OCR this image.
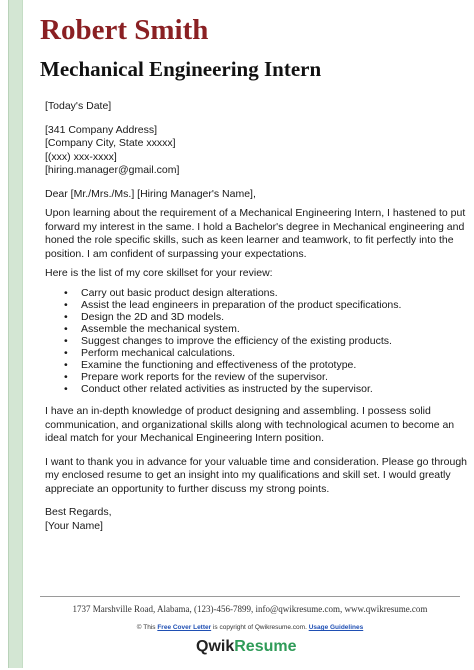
Robert Smith
Mechanical Engineering Intern
[Today's Date]
[341 Company Address]
[Company City, State xxxxx]
[(xxx) xxx-xxxx]
[hiring.manager@gmail.com]
Dear [Mr./Mrs./Ms.] [Hiring Manager's Name],
Upon learning about the requirement of a Mechanical Engineering Intern, I hastened to put
forward my interest in the same. I hold a Bachelor's degree in Mechanical engineering and
honed the role specific skills, such as keen learner and teamwork, to fit perfectly into the
position. I am confident of surpassing your expectations.
Here is the list of my core skillset for your review:
• Carry out basic product design alterations.
• Assist the lead engineers in preparation of the product specifications.
• Design the 2D and 3D models.
• Assemble the mechanical system.
• Suggest changes to improve the efficiency of the existing products.
• Perform mechanical calculations.
• Examine the functioning and effectiveness of the prototype.
• Prepare work reports for the review of the supervisor.
• Conduct other related activities as instructed by the supervisor.
I have an in-depth knowledge of product designing and assembling. I possess solid
communication, and organizational skills along with technological acumen to become an
ideal match for your Mechanical Engineering Intern position.
I want to thank you in advance for your valuable time and consideration. Please go through
my enclosed resume to get an insight into my qualifications and skill set. I would greatly
appreciate an opportunity to further discuss my strong points.
Best Regards,
[Your Name]
1737 Marshville Road, Alabama, (123)-456-7899, info@qwikresume.com, www.qwikresume.com
© This Free Cover Letter is copyright of Qwikresume.com. Usage Guidelines
Qwik Resume
